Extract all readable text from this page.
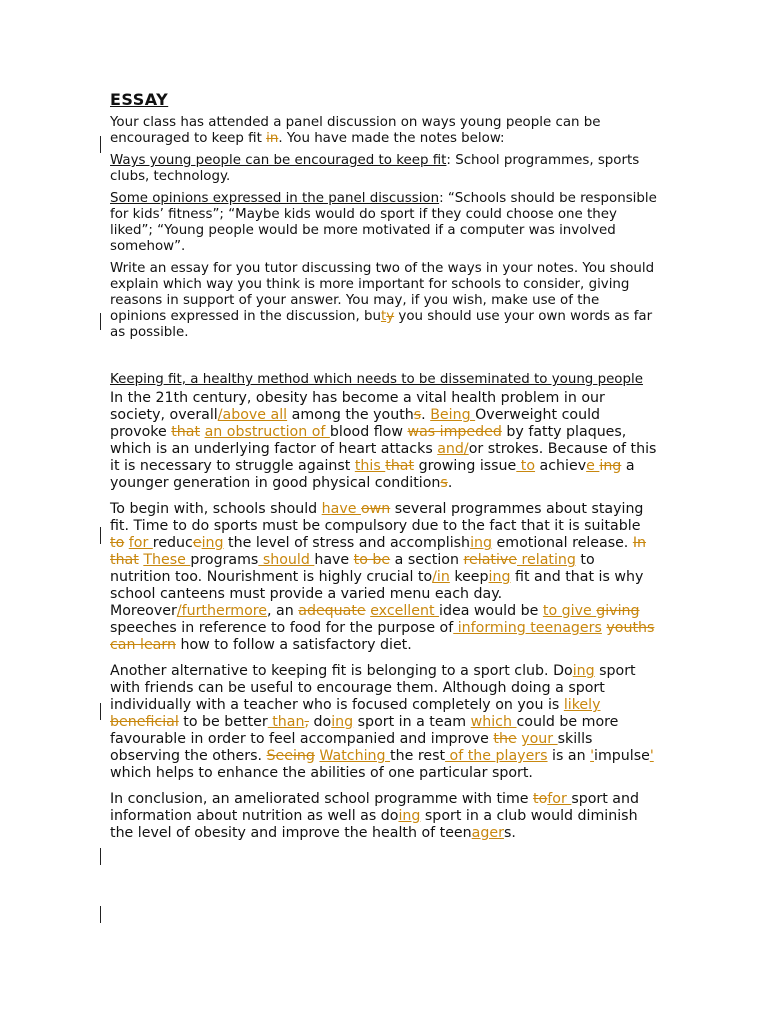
ESSAY

Your class has attended a panel discussion on ways young people can be encouraged to keep fit in. You have made the notes below:

Ways young people can be encouraged to keep fit: School programmes, sports clubs, technology.

Some opinions expressed in the panel discussion: “Schools should be responsible for kids’ fitness”; “Maybe kids would do sport if they could choose one they liked”; “Young people would be more motivated if a computer was involved somehow”.

Write an essay for you tutor discussing two of the ways in your notes. You should explain which way you think is more important for schools to consider, giving reasons in support of your answer. You may, if you wish, make use of the opinions expressed in the discussion, buty you should use your own words as far as possible.

Keeping fit, a healthy method which needs to be disseminated to young people

In the 21th century, obesity has become a vital health problem in our society, overall/above all among the youths. Being Overweight could provoke that an obstruction of blood flow was impeded by fatty plaques, which is an underlying factor of heart attacks and/or strokes. Because of this it is necessary to struggle against this that growing issue to achieve ing a younger generation in good physical conditions.

To begin with, schools should have own several programmes about staying fit. Time to do sports must be compulsory due to the fact that it is suitable to for reduceing the level of stress and accomplishing emotional release. In that These programs should have to be a section relative relating to nutrition too. Nourishment is highly crucial to/in keeping fit and that is why school canteens must provide a varied menu each day. Moreover/furthermore, an adequate excellent idea would be to give giving speeches in reference to food for the purpose of informing teenagers youths can learn how to follow a satisfactory diet.

Another alternative to keeping fit is belonging to a sport club. Doing sport with friends can be useful to encourage them. Although doing a sport individually with a teacher who is focused completely on you is likely beneficial to be better than, doing sport in a team which could be more favourable in order to feel accompanied and improve the your skills observing the others. Seeing Watching the rest of the players is an 'impulse' which helps to enhance the abilities of one particular sport.

In conclusion, an ameliorated school programme with time tofor sport and information about nutrition as well as doing sport in a club would diminish the level of obesity and improve the health of teenagers.
